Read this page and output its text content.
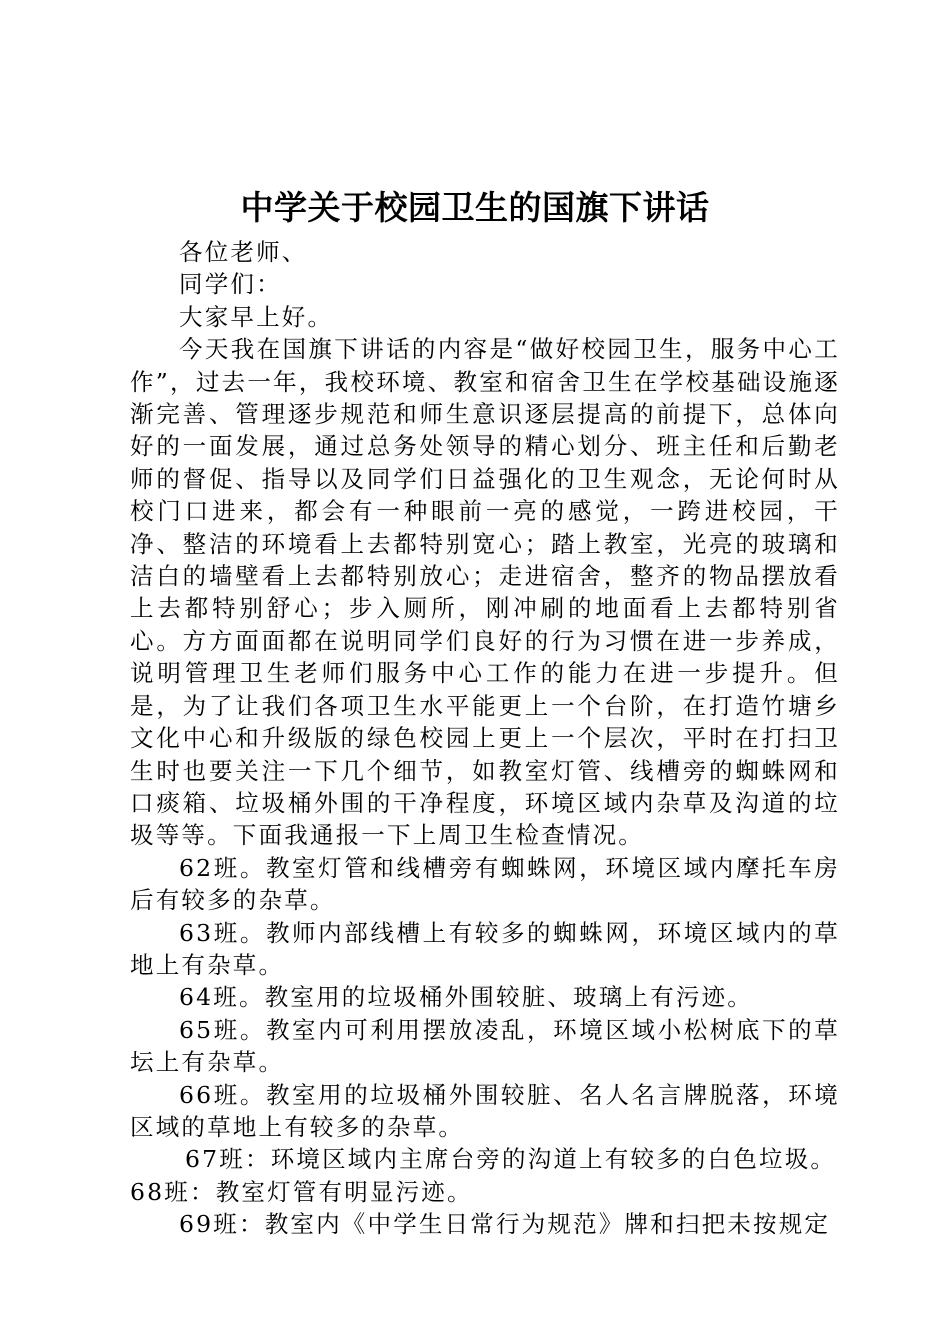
中学关于校园卫生的国旗下讲话

各位老师、

同学们：

大家早上好。

今天我在国旗下讲话的内容是“做好校园卫生，服务中心工作”，过去一年，我校环境、教室和宿舍卫生在学校基础设施逐渐完善、管理逐步规范和师生意识逐层提高的前提下，总体向好的一面发展，通过总务处领导的精心划分、班主任和后勤老师的督促、指导以及同学们日益强化的卫生观念，无论何时从校门口进来，都会有一种眼前一亮的感觉，一跨进校园，干净、整洁的环境看上去都特别宽心；踏上教室，光亮的玻璃和洁白的墙壁看上去都特别放心；走进宿舍，整齐的物品摆放看上去都特别舒心；步入厕所，刚冲刷的地面看上去都特别省心。方方面面都在说明同学们良好的行为习惯在进一步养成，说明管理卫生老师们服务中心工作的能力在进一步提升。但是，为了让我们各项卫生水平能更上一个台阶，在打造竹塘乡文化中心和升级版的绿色校园上更上一个层次，平时在打扫卫生时也要关注一下几个细节，如教室灯管、线槽旁的蜘蛛网和口痰箱、垃圾桶外围的干净程度，环境区域内杂草及沟道的垃圾等等。下面我通报一下上周卫生检查情况。

62班。教室灯管和线槽旁有蜘蛛网，环境区域内摩托车房后有较多的杂草。

63班。教师内部线槽上有较多的蜘蛛网，环境区域内的草地上有杂草。

64班。教室用的垃圾桶外围较脏、玻璃上有污迹。

65班。教室内可利用摆放凌乱，环境区域小松树底下的草坛上有杂草。

66班。教室用的垃圾桶外围较脏、名人名言牌脱落，环境区域的草地上有较多的杂草。

67班：环境区域内主席台旁的沟道上有较多的白色垃圾。

68班：教室灯管有明显污迹。

69班：教室内《中学生日常行为规范》牌和扫把未按规定
